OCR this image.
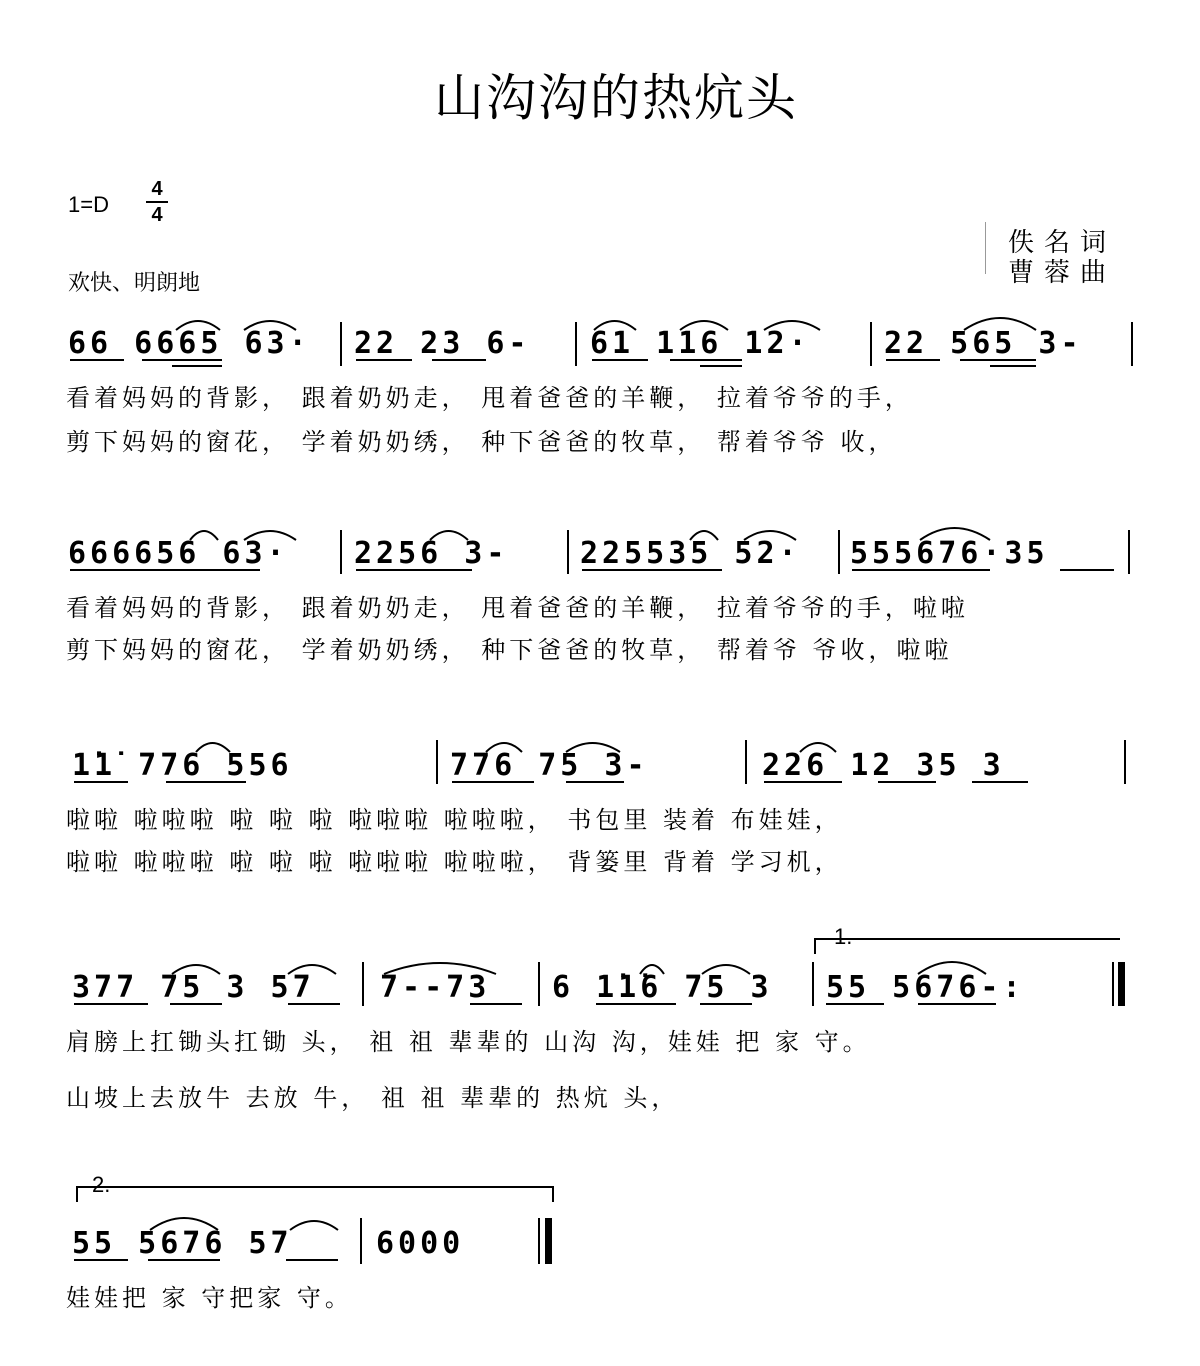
山沟沟的热炕头
1=D
4
4
欢快、明朗地
佚名词
曹蓉曲
66 6665 63· 22 23 6- 61 116 12· 22 565 3-
看着妈妈的背影， 跟着奶奶走， 甩着爸爸的羊鞭， 拉着爷爷的手，
剪下妈妈的窗花， 学着奶奶绣， 种下爸爸的牧草， 帮着爷爷 收，
666656 63· 2256 3- 225535 52· 555676·35
看着妈妈的背影， 跟着奶奶走， 甩着爸爸的羊鞭， 拉着爷爷的手，啦啦
剪下妈妈的窗花， 学着奶奶绣， 种下爸爸的牧草， 帮着爷 爷收，啦啦
1̇1̇ 776 556	776 75 3-	226 12 35 3
啦啦 啦啦啦 啦 啦 啦 啦啦啦 啦啦啦， 书包里 装着 布娃娃，
啦啦 啦啦啦 啦 啦 啦 啦啦啦 啦啦啦， 背篓里 背着 学习机，
1.
377 75 3 57 7--73 6 1̇1̇6 75 3 55 5676-:
肩膀上扛锄头扛锄 头， 祖 祖 辈辈的 山沟 沟，娃娃 把 家 守。
山坡上去放牛 去放 牛， 祖 祖 辈辈的 热炕 头，
2.
55 5676 57	6000
娃娃把 家 守把家 守。
